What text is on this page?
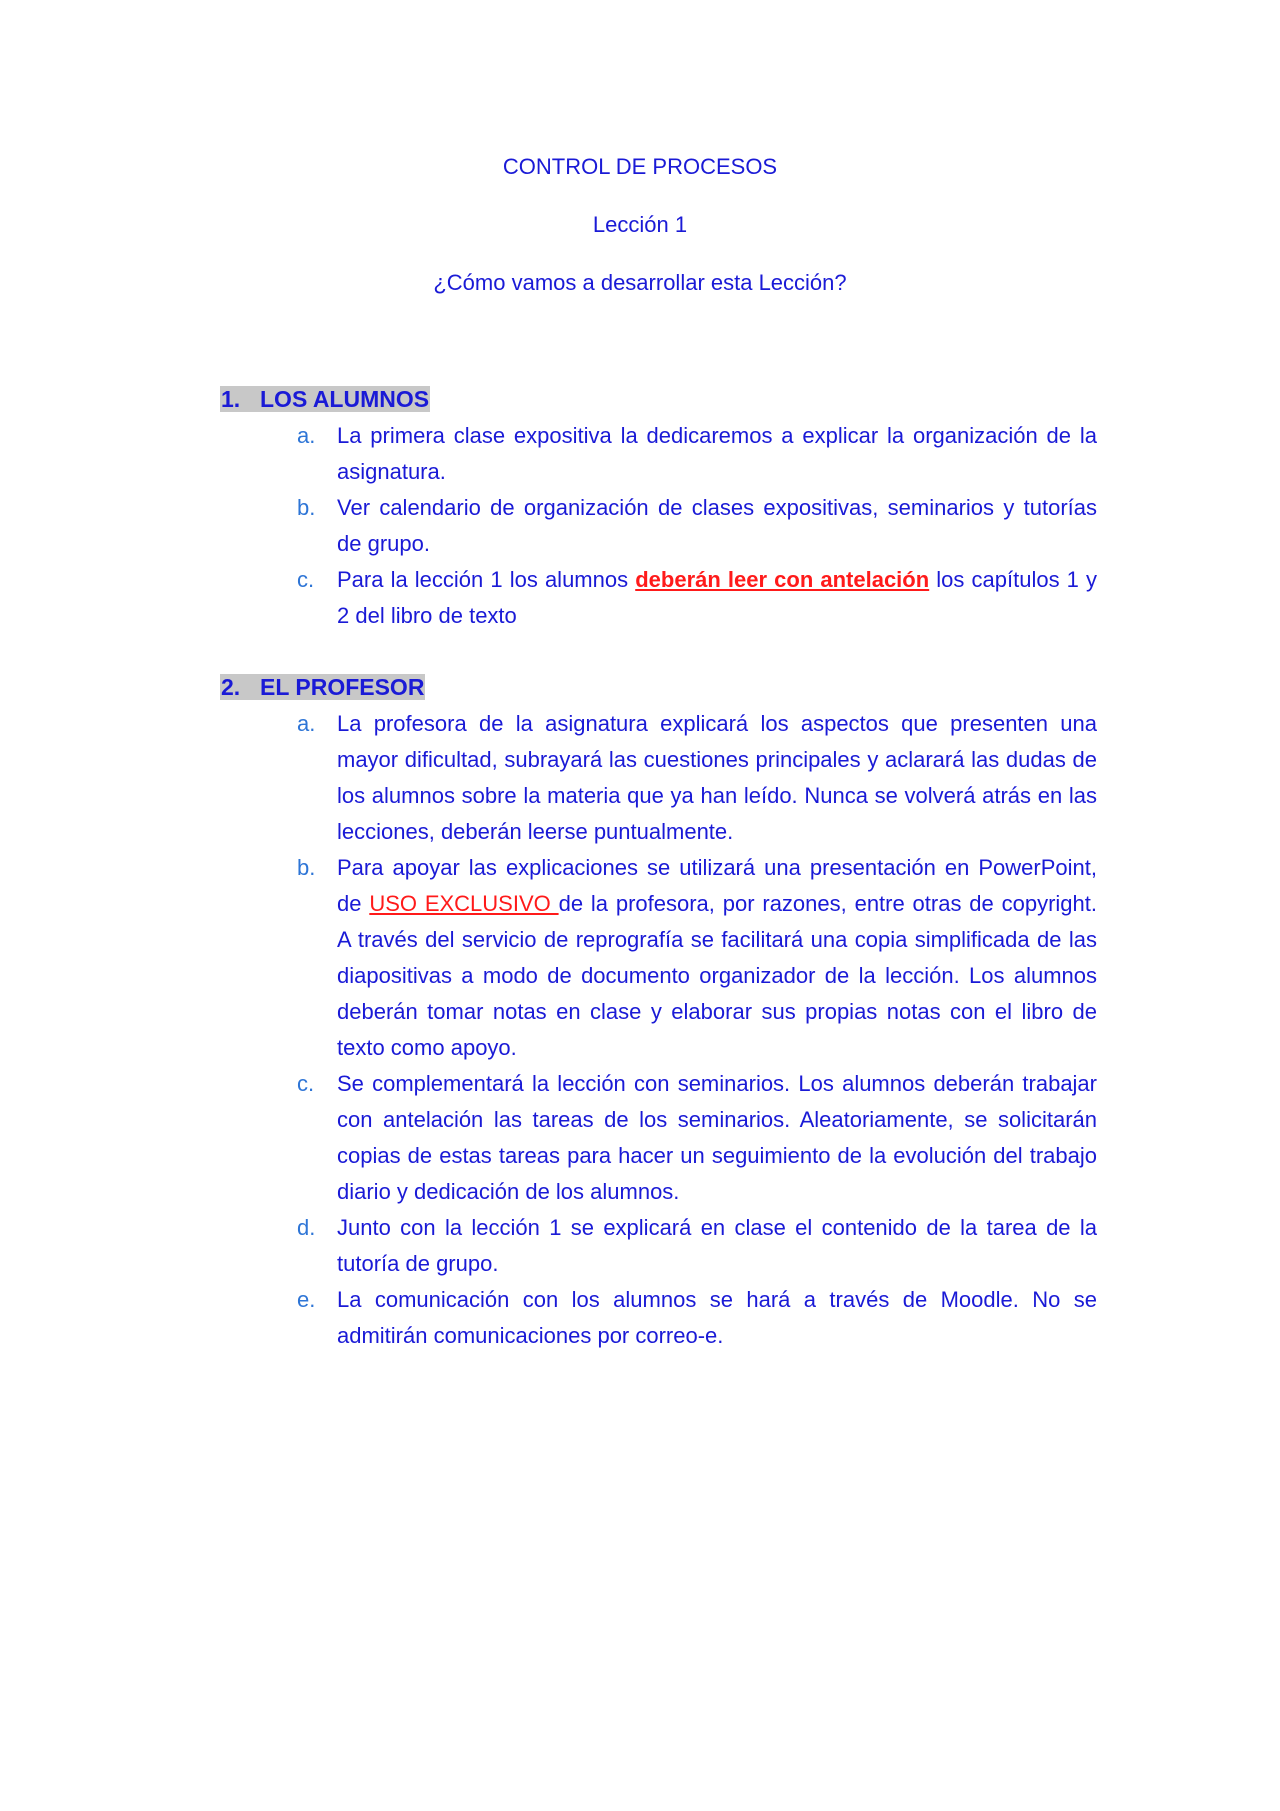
CONTROL DE PROCESOS
Lección 1
¿Cómo vamos a desarrollar esta Lección?
1. LOS ALUMNOS
a. La primera clase expositiva la dedicaremos a explicar la organización de la asignatura.
b. Ver calendario de organización de clases expositivas, seminarios y tutorías de grupo.
c.	Para la lección 1 los alumnos deberán leer con antelación los capítulos 1 y 2 del libro de texto
2. EL PROFESOR
a. La profesora de la asignatura explicará los aspectos que presenten una mayor dificultad, subrayará las cuestiones principales y aclarará las dudas de los alumnos sobre la materia que ya han leído. Nunca se volverá atrás en las lecciones, deberán leerse puntualmente.
b. Para apoyar las explicaciones se utilizará una presentación en PowerPoint, de USO EXCLUSIVO de la profesora, por razones, entre otras de copyright. A través del servicio de reprografía se facilitará una copia simplificada de las diapositivas a modo de documento organizador de la lección. Los alumnos deberán tomar notas en clase y elaborar sus propias notas con el libro de texto como apoyo.
c.	Se complementará la lección con seminarios. Los alumnos deberán trabajar con antelación las tareas de los seminarios. Aleatoriamente, se solicitarán copias de estas tareas para hacer un seguimiento de la evolución del trabajo diario y dedicación de los alumnos.
d. Junto con la lección 1 se explicará en clase el contenido de la tarea de la tutoría de grupo.
e. La comunicación con los alumnos se hará a través de Moodle. No se admitirán comunicaciones por correo-e.
